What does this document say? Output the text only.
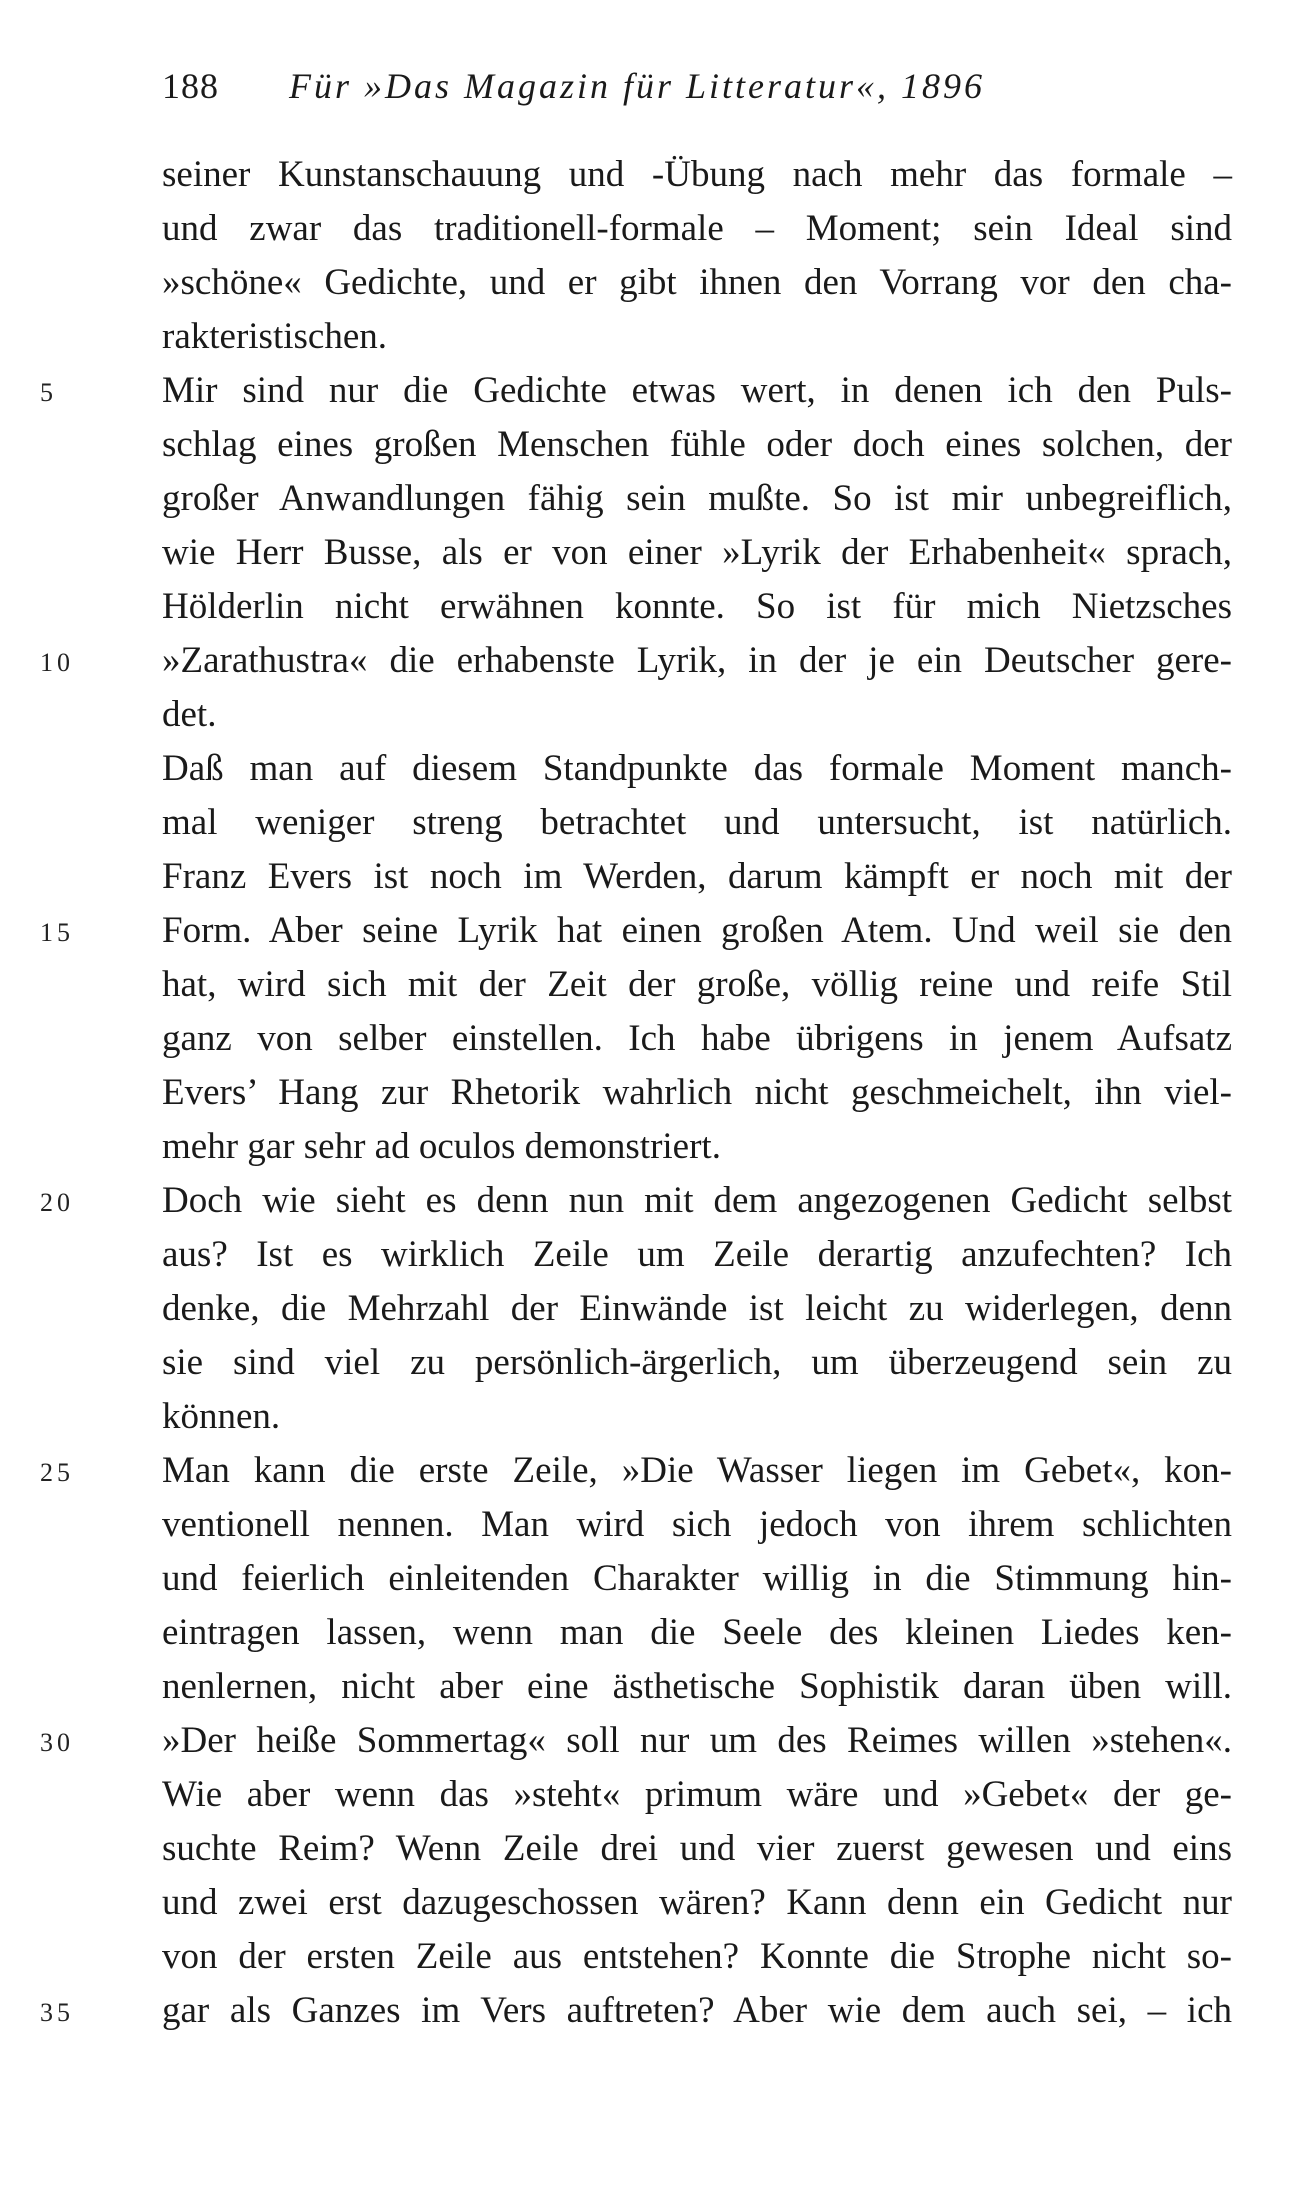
188 Für »Das Magazin für Litteratur«, 1896
seiner Kunstanschauung und -Übung nach mehr das formale –
und zwar das traditionell-formale – Moment; sein Ideal sind
»schöne« Gedichte, und er gibt ihnen den Vorrang vor den cha-
rakteristischen.
5	Mir sind nur die Gedichte etwas wert, in denen ich den Puls-
schlag eines großen Menschen fühle oder doch eines solchen, der
großer Anwandlungen fähig sein mußte. So ist mir unbegreiflich,
wie Herr Busse, als er von einer »Lyrik der Erhabenheit« sprach,
Hölderlin nicht erwähnen konnte. So ist für mich Nietzsches
10	»Zarathustra« die erhabenste Lyrik, in der je ein Deutscher gere-
det.
Daß man auf diesem Standpunkte das formale Moment manch-
mal weniger streng betrachtet und untersucht, ist natürlich.
Franz Evers ist noch im Werden, darum kämpft er noch mit der
15	Form. Aber seine Lyrik hat einen großen Atem. Und weil sie den
hat, wird sich mit der Zeit der große, völlig reine und reife Stil
ganz von selber einstellen. Ich habe übrigens in jenem Aufsatz
Evers’ Hang zur Rhetorik wahrlich nicht geschmeichelt, ihn viel-
mehr gar sehr ad oculos demonstriert.
20	Doch wie sieht es denn nun mit dem angezogenen Gedicht selbst
aus? Ist es wirklich Zeile um Zeile derartig anzufechten? Ich
denke, die Mehrzahl der Einwände ist leicht zu widerlegen, denn
sie sind viel zu persönlich-ärgerlich, um überzeugend sein zu
können.
25	Man kann die erste Zeile, »Die Wasser liegen im Gebet«, kon-
ventionell nennen. Man wird sich jedoch von ihrem schlichten
und feierlich einleitenden Charakter willig in die Stimmung hin-
eintragen lassen, wenn man die Seele des kleinen Liedes ken-
nenlernen, nicht aber eine ästhetische Sophistik daran üben will.
30	»Der heiße Sommertag« soll nur um des Reimes willen »stehen«.
Wie aber wenn das »steht« primum wäre und »Gebet« der ge-
suchte Reim? Wenn Zeile drei und vier zuerst gewesen und eins
und zwei erst dazugeschossen wären? Kann denn ein Gedicht nur
von der ersten Zeile aus entstehen? Konnte die Strophe nicht so-
35	gar als Ganzes im Vers auftreten? Aber wie dem auch sei, – ich
